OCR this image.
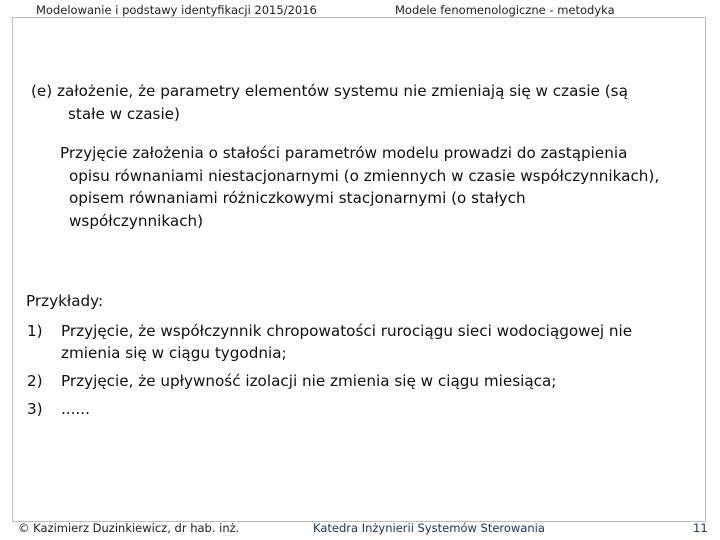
Modelowanie i podstawy identyfikacji 2015/2016	Modele fenomenologiczne - metodyka
(e) założenie, że parametry elementów systemu nie zmieniają się w czasie (są
stałe w czasie)
Przyjęcie założenia o stałości parametrów modelu prowadzi do zastąpienia
opisu równaniami niestacjonarnymi (o zmiennych w czasie współczynnikach),
opisem równaniami różniczkowymi stacjonarnymi (o stałych
współczynnikach)
Przykłady:
1) Przyjęcie, że współczynnik chropowatości rurociągu sieci wodociągowej nie
zmienia się w ciągu tygodnia;
2) Przyjęcie, że upływność izolacji nie zmienia się w ciągu miesiąca;
3) ......
© Kazimierz Duzinkiewicz, dr hab. inż.	Katedra Inżynierii Systemów Sterowania	11
